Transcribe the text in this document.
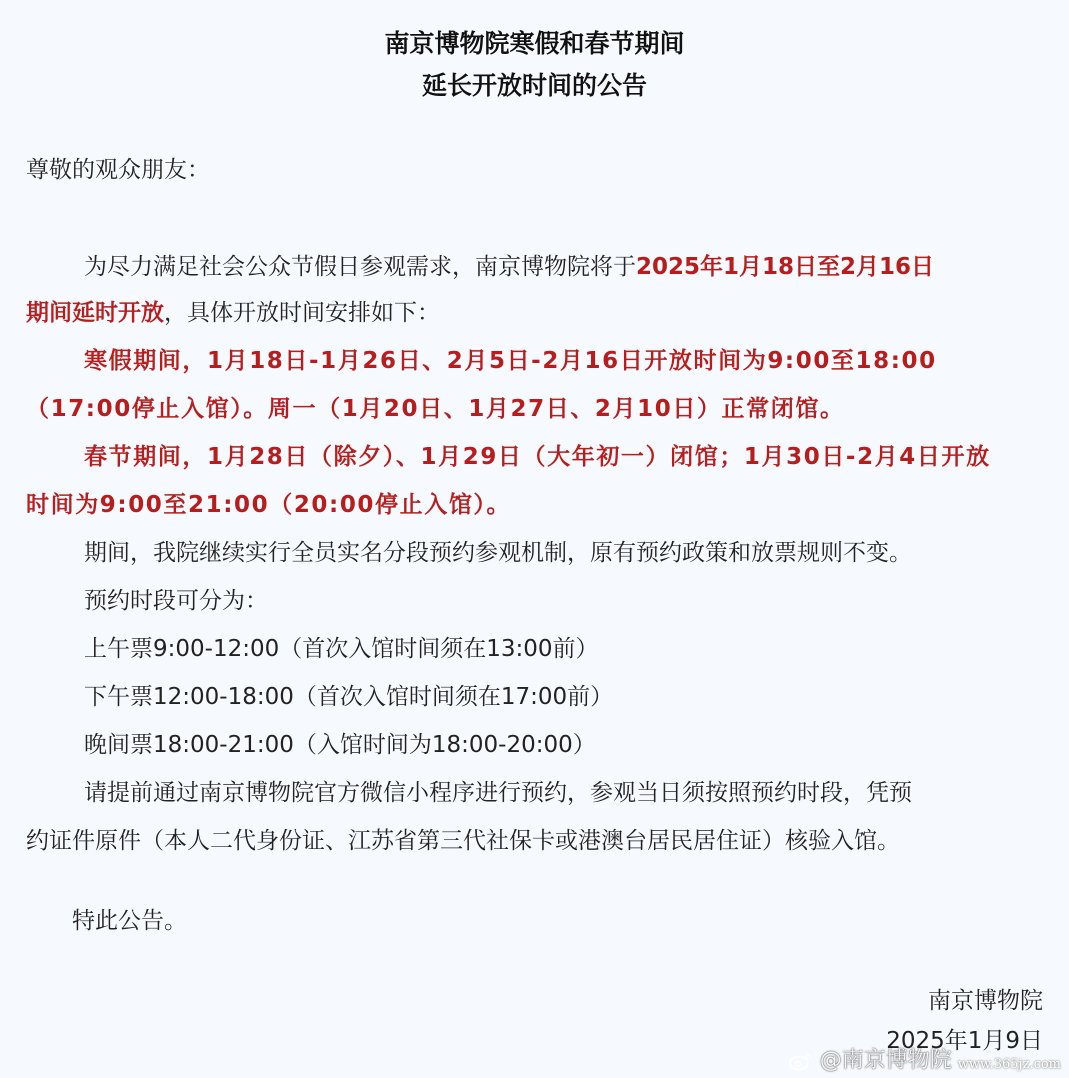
南京博物院寒假和春节期间
延长开放时间的公告
尊敬的观众朋友：
为尽力满足社会公众节假日参观需求，南京博物院将于2025年1月18日至2月16日
期间延时开放，具体开放时间安排如下：
寒假期间，1月18日-1月26日、2月5日-2月16日开放时间为9:00至18:00
（17:00停止入馆）。周一（1月20日、1月27日、2月10日）正常闭馆。
春节期间，1月28日（除夕）、1月29日（大年初一）闭馆；1月30日-2月4日开放
时间为9:00至21:00（20:00停止入馆）。
期间，我院继续实行全员实名分段预约参观机制，原有预约政策和放票规则不变。
预约时段可分为：
上午票9:00-12:00（首次入馆时间须在13:00前）
下午票12:00-18:00（首次入馆时间须在17:00前）
晚间票18:00-21:00（入馆时间为18:00-20:00）
请提前通过南京博物院官方微信小程序进行预约，参观当日须按照预约时段，凭预
约证件原件（本人二代身份证、江苏省第三代社保卡或港澳台居民居住证）核验入馆。
特此公告。
南京博物院
2025年1月9日
@南京博物院 www.365jz.com
